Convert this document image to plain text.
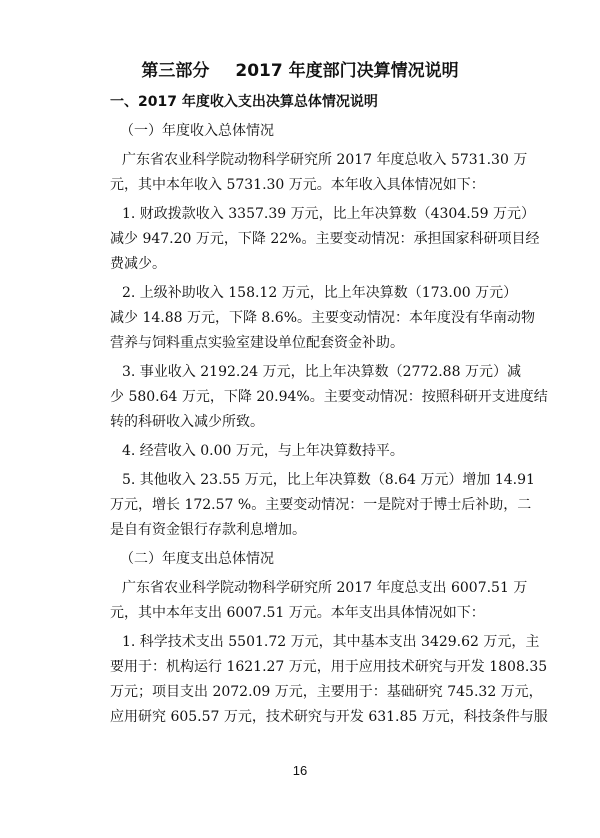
第三部分 2017 年度部门决算情况说明
一、2017 年度收入支出决算总体情况说明
（一）年度收入总体情况
广东省农业科学院动物科学研究所 2017 年度总收入 5731.30 万
元，其中本年收入 5731.30 万元。本年收入具体情况如下：
1. 财政拨款收入 3357.39 万元，比上年决算数（4304.59 万元）
减少 947.20 万元，下降 22%。主要变动情况：承担国家科研项目经
费减少。
2. 上级补助收入 158.12 万元，比上年决算数（173.00 万元）
减少 14.88 万元，下降 8.6%。主要变动情况：本年度没有华南动物
营养与饲料重点实验室建设单位配套资金补助。
3. 事业收入 2192.24 万元，比上年决算数（2772.88 万元）减
少 580.64 万元，下降 20.94%。主要变动情况：按照科研开支进度结
转的科研收入减少所致。
4. 经营收入 0.00 万元，与上年决算数持平。
5. 其他收入 23.55 万元，比上年决算数（8.64 万元）增加 14.91
万元，增长 172.57 %。主要变动情况：一是院对于博士后补助，二
是自有资金银行存款利息增加。
（二）年度支出总体情况
广东省农业科学院动物科学研究所 2017 年度总支出 6007.51 万
元，其中本年支出 6007.51 万元。本年支出具体情况如下：
1. 科学技术支出 5501.72 万元，其中基本支出 3429.62 万元，主
要用于：机构运行 1621.27 万元，用于应用技术研究与开发 1808.35
万元；项目支出 2072.09 万元，主要用于：基础研究 745.32 万元，
应用研究 605.57 万元，技术研究与开发 631.85 万元，科技条件与服
16
